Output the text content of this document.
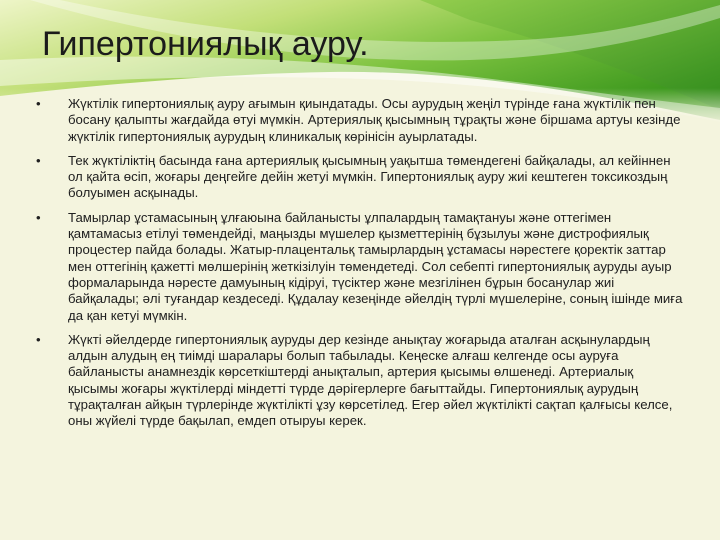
Гипертониялық ауру.
• Жүктілік гипертониялық ауру ағымын қиындатады. Осы аурудың жеңіл түрінде ғана жүктілік пен босану қалыпты жағдайда өтуі мүмкін. Артериялық қысымның тұрақты және біршама артуы кезінде жүктілік гипертониялық аурудың клиникалық көрінісін ауырлатады.
• Тек жүктіліктің басында ғана артериялық қысымның уақытша төмендегені байқалады, ал кейіннен ол қайта өсіп, жоғары деңгейге дейін жетуі мүмкін. Гипертониялық ауру жиі кештеген токсикоздың болуымен асқынады.
• Тамырлар ұстамасының ұлғаюына байланысты ұлпалардың тамақтануы және оттегімен қамтамасыз етілуі төмендейді, маңызды мүшелер қызметтерінің бұзылуы және дистрофиялық процестер пайда болады. Жатыр-плацентальқ тамырлардың ұстамасы нәрестеге қоректік заттар мен оттегінің қажетті мөлшерінің жеткізілуін төмендетеді. Сол себепті гипертониялық ауруды ауыр формаларында нәресте дамуының кідіруі, түсіктер және мезгілінен бұрын босанулар жиі байқалады; әлі туғандар кездеседі. Құдалау кезеңінде әйелдің түрлі мүшелеріне, соның ішінде миға да қан кетуі мүмкін.
• Жүкті әйелдерде гипертониялық ауруды дер кезінде анықтау жоғарыда аталған асқынулардың алдын алудың ең тиімді шаралары болып табылады. Кеңеске алғаш келгенде осы ауруға байланысты анамнездік көрсеткіштерді анықталып, артерия қысымы өлшенеді. Артериалық қысымы жоғары жүктілерді міндетті түрде дәрігерлерге бағыттайды. Гипертониялық аурудың тұрақталған айқын түрлерінде жүктілікті ұзу көрсетілед. Егер әйел жүктілікті сақтап қалғысы келсе, оны жүйелі түрде бақылап, емдеп отыруы керек.
